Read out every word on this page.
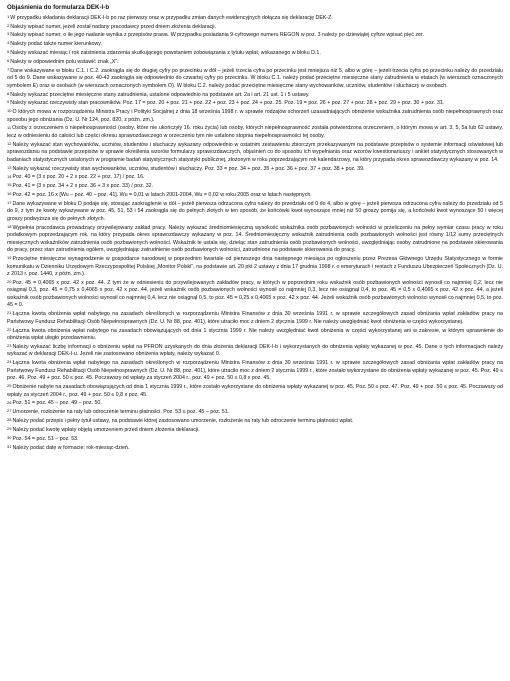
Objaśnienia do formularza DEK-I-b
$^1$W przypadku składania deklaracji DEK-I-b po raz pierwszy oraz w przypadku zmian danych ewidencyjnych dołącza się deklarację DEK-Z.
$^2$Należy wpisać numer, jeżeli został nadany pracodawcy przed dniem złożenia deklaracji.
$^3$Należy wpisać numer, o ile jego nadanie wynika z przepisów prawa. W przypadku posiadania 9-cyfrowego numeru REGON w poz. 3 należy po dziewiątej cyfrze wpisać pięć zer.
$^4$Należy podać także numer kierunkowy.
$^5$Należy wskazać miesiąc i rok zaistnienia zdarzenia skutkującego powstaniem zobowiązania z tytułu wpłat, wskazanego w bloku D.1.
$^6$Należy w odpowiednim polu wstawić znak „X”.
$^7$Dane wskazywane w bloku C.1. i C.2. zaokrągla się do drugiej cyfry po przecinku w dół – jeżeli trzecia cyfra po przecinku jest mniejsza niż 5, albo w górę – jeżeli trzecia cyfra po przecinku należy do przedziału od 5 do 9. Dane wskazywane w poz. 40-42 zaokrągla się odpowiednio do czwartej cyfry po przecinku. W bloku C.1. należy podać przeciętne miesięczne stany zatrudnienia w etatach (w wierszach oznaczonych symbolem E) oraz w osobach (w wierszach oznaczonych symbolem O). W bloku C.2. należy podać przeciętne miesięczne stany wychowanków, uczniów, studentów i słuchaczy w osobach.
$^8$Należy wykazać przeciętne miesięczne stany zatrudnienia, ustalone odpowiednio na podstawie art. 2a i art. 21 ust. 1 i 5 ustawy.
$^9$Należy wykazać rzeczywisty stan pracowników. Poz. 17 = poz. 20 + poz. 21 + poz. 22 + poz. 23 + poz. 24 + poz. 25. Poz. 19 = poz. 26 + poz. 27 + poz. 28 + poz. 29 + poz. 30 + poz. 31.
$^{10}$O których mowa w rozporządzeniu Ministra Pracy i Polityki Socjalnej z dnia 18 września 1998 r. w sprawie rodzajów schorzeń uzasadniających obniżenie wskaźnika zatrudnienia osób niepełnosprawnych oraz sposobu jego obniżania (Dz. U. Nr 124, poz. 820, z późn. zm.).
$^{11}$Osoby z orzeczeniem o niepełnosprawności (osoby, które nie ukończyły 16. roku życia) lub osoby, których niepełnosprawność została potwierdzona orzeczeniem, o którym mowa w art. 3, 5, 5a lub 62 ustawy, lecz w odniesieniu do całości lub części okresu sprawozdawczego w orzeczeniu tym nie ustalono stopnia niepełnosprawności tej osoby.
$^{12}$Należy wykazać stan wychowanków, uczniów, studentów i słuchaczy wykazany odpowiednio w ostatnim zestawieniu zbiorczym przekazywanym na podstawie przepisów o systemie informacji oświatowej lub sprawozdaniu na podstawie przepisów w sprawie określenia wzorów formularzy sprawozdawczych, objaśnień co do sposobu ich wypełniania oraz wzorów kwestionariuszy i ankiet statystycznych stosowanych w badaniach statystycznych ustalonych w programie badań statystycznych statystyki publicznej, złożonym w roku poprzedzającym rok kalendarzowy, na który przypada okres sprawozdawczy wykazany w poz. 14.
$^{13}$Należy wykazać rzeczywisty stan wychowanków, uczniów, studentów i słuchaczy. Poz. 33 = poz. 34 + poz. 35 + poz. 36 + poz. 37 + poz. 38 + poz. 39.
$^{14}$Poz. 40 = (3 x poz. 20 + 2 x poz. 22 + poz. 17) / poz. 16.
$^{15}$Poz. 41 = (3 x poz. 34 + 2 x poz. 36 + 3 x poz. 33) / poz. 32.
$^{16}$Poz. 42 = poz. 16 x [Wu – poz. 40 – poz. 41]. Wu = 0,01 w latach 2001-2004, Wu = 0,02 w roku 2005 oraz w latach następnych.
$^{17}$Dane wykazywane w bloku D podaje się, stosując zaokrąglenie w dół – jeżeli pierwsza odrzucona cyfra należy do przedziału od 0 do 4, albo w górę – jeżeli pierwsza odrzucona cyfra należy do przedziału od 5 do 9, z tym że kwoty wykazywane w poz. 45, 51, 53 i 54 zaokrągla się do pełnych złotych w ten sposób, że końcówki kwot wynoszące mniej niż 50 groszy pomija się, a końcówki kwot wynoszące 50 i więcej groszy podwyższa się do pełnych złotych.
$^{18}$Wypełnia pracodawca prowadzący przywilejowany zakład pracy. Należy wykazać średniomiesięczną wysokość wskaźnika osób pozbawionych wolności w przeliczeniu na pełny wymiar czasu pracy w roku podatkowym poprzedzającym rok, na który przypada okres sprawozdawczy wykazany w poz. 14. Średniomiesięczny wskaźnik zatrudnienia osób pozbawionych wolności jest równy 1/12 sumy przeciętnych miesięcznych wskaźników zatrudnienia osób pozbawionych wolności. Wskaźnik te ustala się, dzieląc stan zatrudnienia osób pozbawionych wolności, uwzględniając osoby zatrudnione na podstawie skierowania do pracy, przez stan zatrudnienia ogółem, uwzględniając zatrudnienie osób pozbawionych wolności, zatrudnione na podstawie skierowania do pracy.
$^{19}$Przeciętne miesięczne wynagrodzenie w gospodarce narodowej w poprzednim kwartale od pierwszego dnia następnego miesiąca po ogłoszeniu przez Prezesa Głównego Urzędu Statystycznego w formie komunikatu w Dzienniku Urzędowym Rzeczypospolitej Polskiej „Monitor Polski”, na podstawie art. 20 pkt 2 ustawy z dnia 17 grudnia 1998 r. o emeryturach i rentach z Funduszu Ubezpieczeń Społecznych (Dz. U. z 2013 r. poz. 1440, z późn. zm.).
$^{20}$Poz. 45 = 0,4065 x poz. 42 x poz. 44. Z tym że w odniesieniu do przywilejowanych zakładów pracy, w których w poprzednim roku wskaźnik osób pozbawionych wolności wynosił co najmniej 0,2, lecz nie osiągnął 0,3, poz. 45 = 0,75 x 0,4065 x poz. 42 x poz. 44, jeżeli wskaźnik osób pozbawionych wolności wynosił co najmniej 0,3, lecz nie osiągnął 0,4, to poz. 45 = 0,5 x 0,4065 x poz. 42 x poz. 44, a jeżeli wskaźnik osób pozbawionych wolności wynosił co najmniej 0,4, lecz nie osiągnął 0,5, to poz. 45 = 0,25 x 0,4065 x poz. 42 x poz. 44. Jeżeli wskaźnik osób pozbawionych wolności wynosił co najmniej 0,5, to poz. 45 = 0.
$^{21}$Łączna kwota obniżenia wpłat nabytego na zasadach określonych w rozporządzeniu Ministra Finansów z dnia 30 września 1991 r. w sprawie szczegółowych zasad obniżania wpłat zakładów pracy na Państwowy Fundusz Rehabilitacji Osób Niepełnosprawnych (Dz. U. Nr 88, poz. 401), które utraciło moc z dniem 2 stycznia 1999 r. Nie należy uwzględniać kwot obniżenia w części wykorzystanej.
$^{22}$Łączna kwota obniżenia wpłat nabytego na zasadach obowiązujących od dnia 1 stycznia 1999 r. Nie należy uwzględniać kwot obniżenia w części wykorzystanej ani w zakresie, w którym uprawnienie do obniżenia wpłat uległo przedawnieniu.
$^{23}$Należy wykazać liczbę informacji o obniżeniu wpłat na PFRON uzyskanych do dnia złożenia deklaracji DEK-I-b i wykorzystanych do obniżenia wpłaty wykazanej w poz. 45. Dane o tych informacjach należy wykazać w deklaracji DEK-I-u. Jeżeli nie zastosowano obniżenia wpłaty, należy wykazać 0.
$^{24}$Łączna kwota obniżenia wpłat nabytego na zasadach określonych w rozporządzeniu Ministra Finansów z dnia 30 września 1991 r. w sprawie szczegółowych zasad obniżania wpłat zakładów pracy na Państwowy Fundusz Rehabilitacji Osób Niepełnosprawnych (Dz. U. Nr 88, poz. 401), które utraciło moc z dniem 2 stycznia 1999 r., które zostało wykorzystane do obniżenia wpłaty wykazanej w poz. 45. Poz. 49 ≤ poz. 46. Poz. 49 + poz. 50 ≤ poz. 45. Poczawszy od wpłaty za styczeń 2004 r., poz. 49 + poz. 50 ≤ 0,8 x poz. 45.
$^{25}$Obniżenie nabyte na zasadach obowiązujących od dnia 1 stycznia 1999 r., które zostało wykorzystane do obniżenia wpłaty wykazanej w poz. 45. Poz. 50 ≤ poz. 47. Poz. 49 + poz. 50 ≤ poz. 45. Poczawszy od wpłaty za styczeń 2004 r., poz. 49 + poz. 50 ≤ 0,8 x poz. 45.
$^{26}$Poz. 51 = poz. 45 – poz. 49 – poz. 50.
$^{27}$Umorzenie, rozłożenie na raty lub odroczenie terminu płatności. Poz. 53 ≤ poz. 45 – poz. 51.
$^{28}$Należy podać przepis i pełny tytuł ustawy, na podstawie której zastosowano umorzenie, rozłożenie na raty lub odroczenie terminu płatności wpłat.
$^{29}$Należy podać kwotę wpłaty objętą umorzeniem przed dniem złożenia deklaracji.
$^{30}$Poz. 54 = poz. 51 – poz. 53.
$^{31}$Należy podać datę w formacie: rok-miesiąc-dzień.
